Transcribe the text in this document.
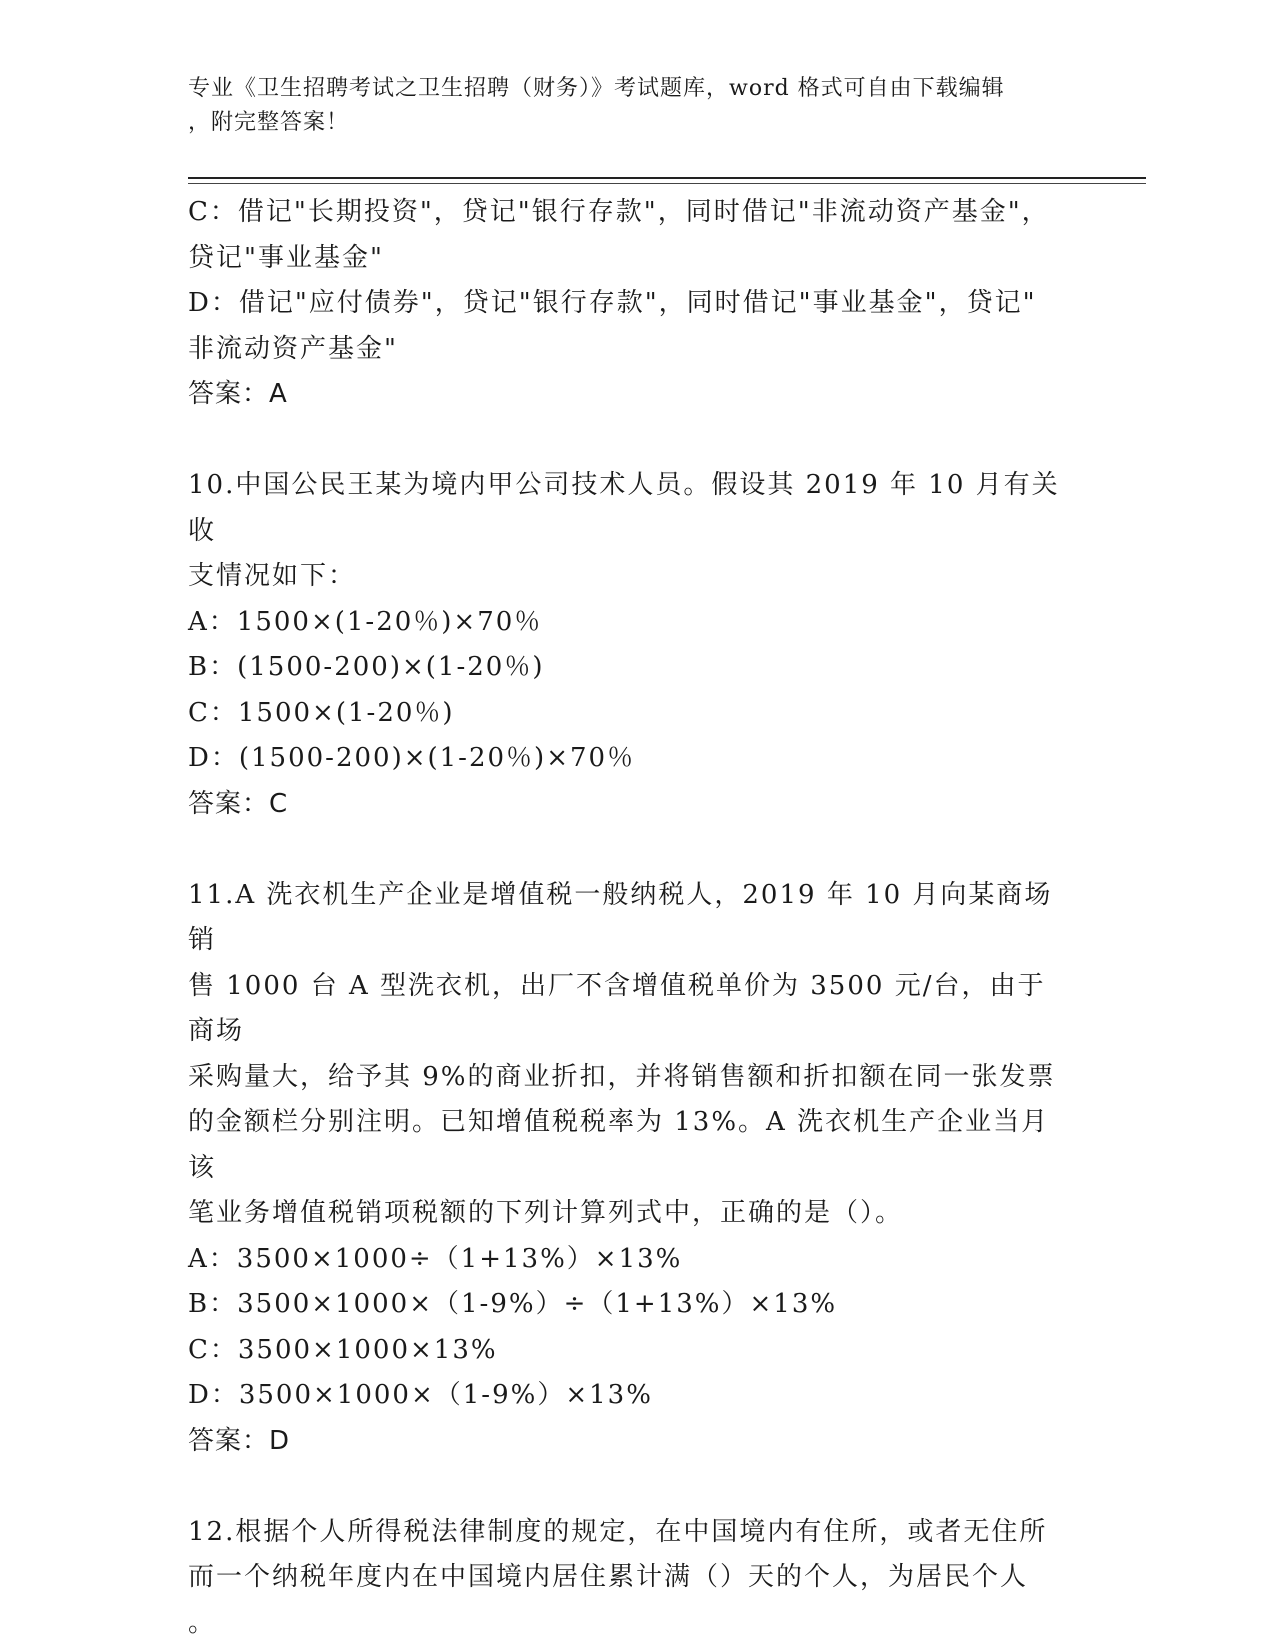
专业《卫生招聘考试之卫生招聘（财务）》考试题库，word 格式可自由下载编辑
，附完整答案！
C：借记"长期投资"，贷记"银行存款"，同时借记"非流动资产基金"，
贷记"事业基金"
D：借记"应付债券"，贷记"银行存款"，同时借记"事业基金"，贷记"
非流动资产基金"
答案：A
10.中国公民王某为境内甲公司技术人员。假设其 2019 年 10 月有关收
支情况如下：
A：1500×(1-20％)×70％
B：(1500-200)×(1-20％)
C：1500×(1-20％)
D：(1500-200)×(1-20％)×70％
答案：C
11.A 洗衣机生产企业是增值税一般纳税人，2019 年 10 月向某商场销
售 1000 台 A 型洗衣机，出厂不含增值税单价为 3500 元/台，由于商场
采购量大，给予其 9%的商业折扣，并将销售额和折扣额在同一张发票
的金额栏分别注明。已知增值税税率为 13%。A 洗衣机生产企业当月该
笔业务增值税销项税额的下列计算列式中，正确的是（）。
A：3500×1000÷（1+13%）×13%
B：3500×1000×（1-9%）÷（1+13%）×13%
C：3500×1000×13%
D：3500×1000×（1-9%）×13%
答案：D
12.根据个人所得税法律制度的规定，在中国境内有住所，或者无住所
而一个纳税年度内在中国境内居住累计满（）天的个人，为居民个人
。
